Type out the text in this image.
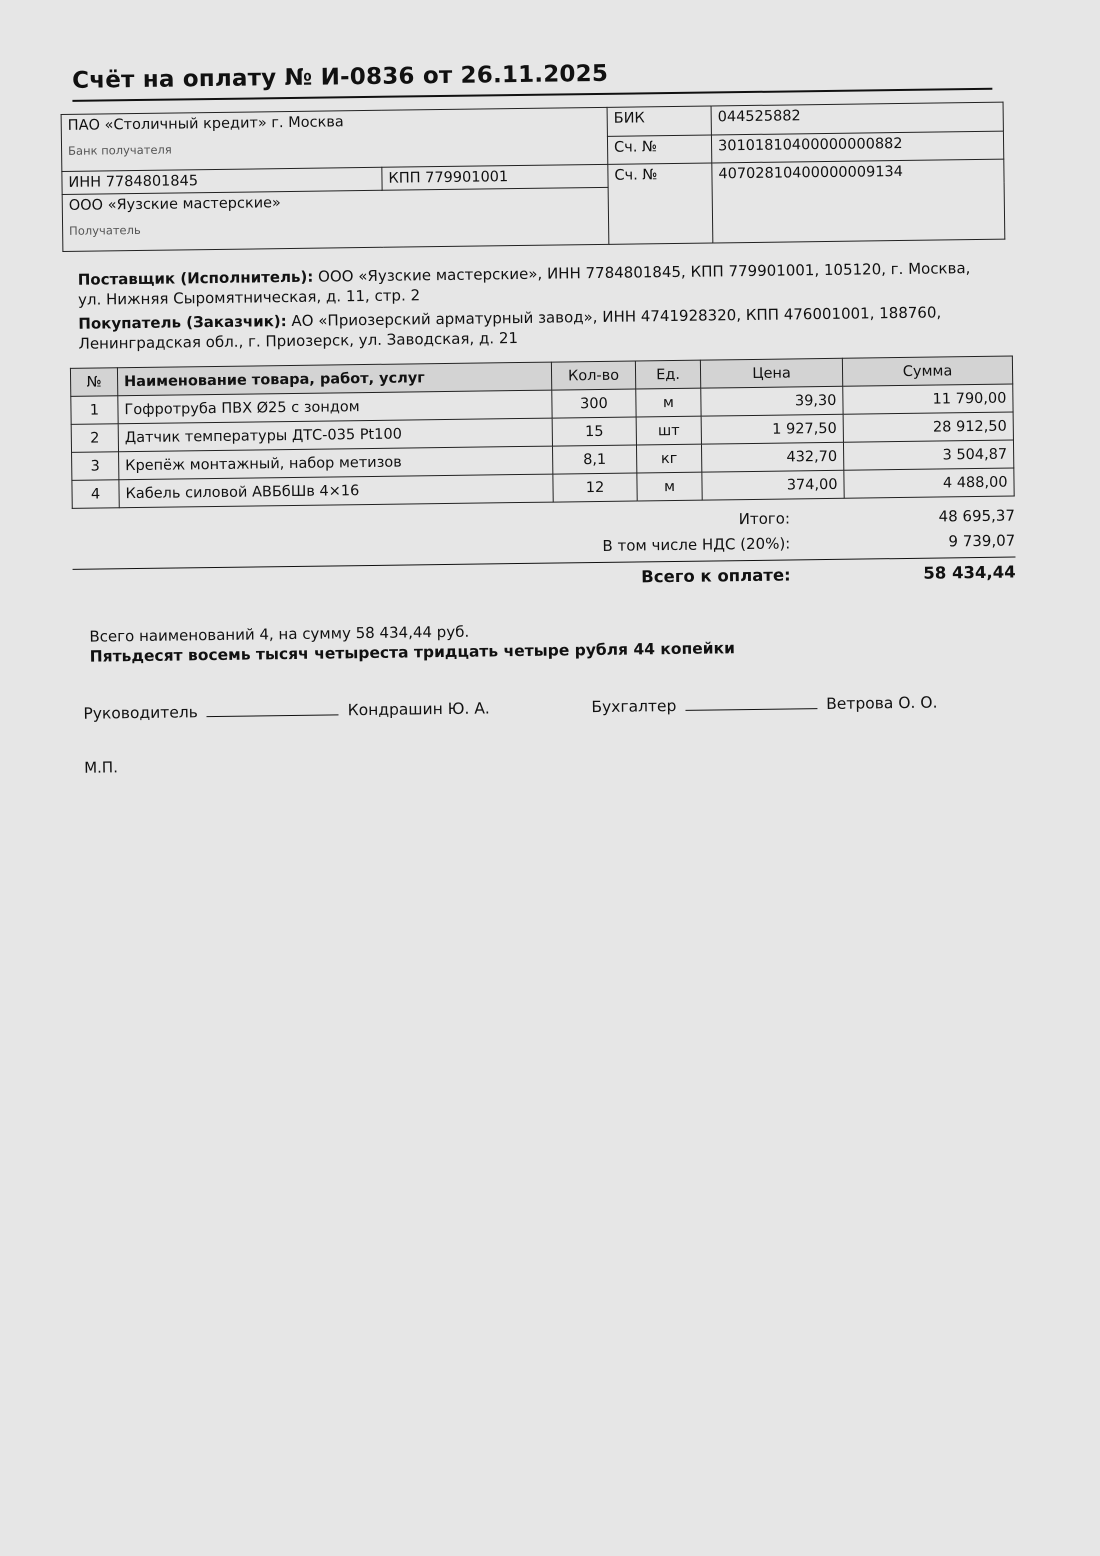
Счёт на оплату № И-0836 от 26.11.2025
ПАО «Столичный кредит» г. Москва
Банк получателя		БИК	044525882
		Сч. №	30101810400000000882
ИНН 7784801845	КПП 779901001	Сч. №	40702810400000009134

ООО «Яузские мастерские»
Получатель			

Поставщик (Исполнитель): ООО «Яузские мастерские», ИНН 7784801845, КПП 779901001, 105120, г. Москва, ул. Нижняя Сыромятническая, д. 11, стр. 2

Покупатель (Заказчик): АО «Приозерский арматурный завод», ИНН 4741928320, КПП 476001001, 188760, Ленинградская обл., г. Приозерск, ул. Заводская, д. 21

№	Наименование товара, работ, услуг	Кол-во	Ед.	Цена	Сумма
1	Гофротруба ПВХ Ø25 с зондом	300	м	39,30	11 790,00
2	Датчик температуры ДТС-035 Pt100	15	шт	1 927,50	28 912,50
3	Крепёж монтажный, набор метизов	8,1	кг	432,70	3 504,87
4	Кабель силовой АВБбШв 4×16	12	м	374,00	4 488,00
Итого:	48 695,37
В том числе НДС (20%):	9 739,07
Всего к оплате:	58 434,44
Всего наименований 4, на сумму 58 434,44 руб.
Пятьдесят восемь тысяч четыреста тридцать четыре рубля 44 копейки
Руководитель	Кондрашин Ю. А.	Бухгалтер	Ветрова О. О.
М.П.
